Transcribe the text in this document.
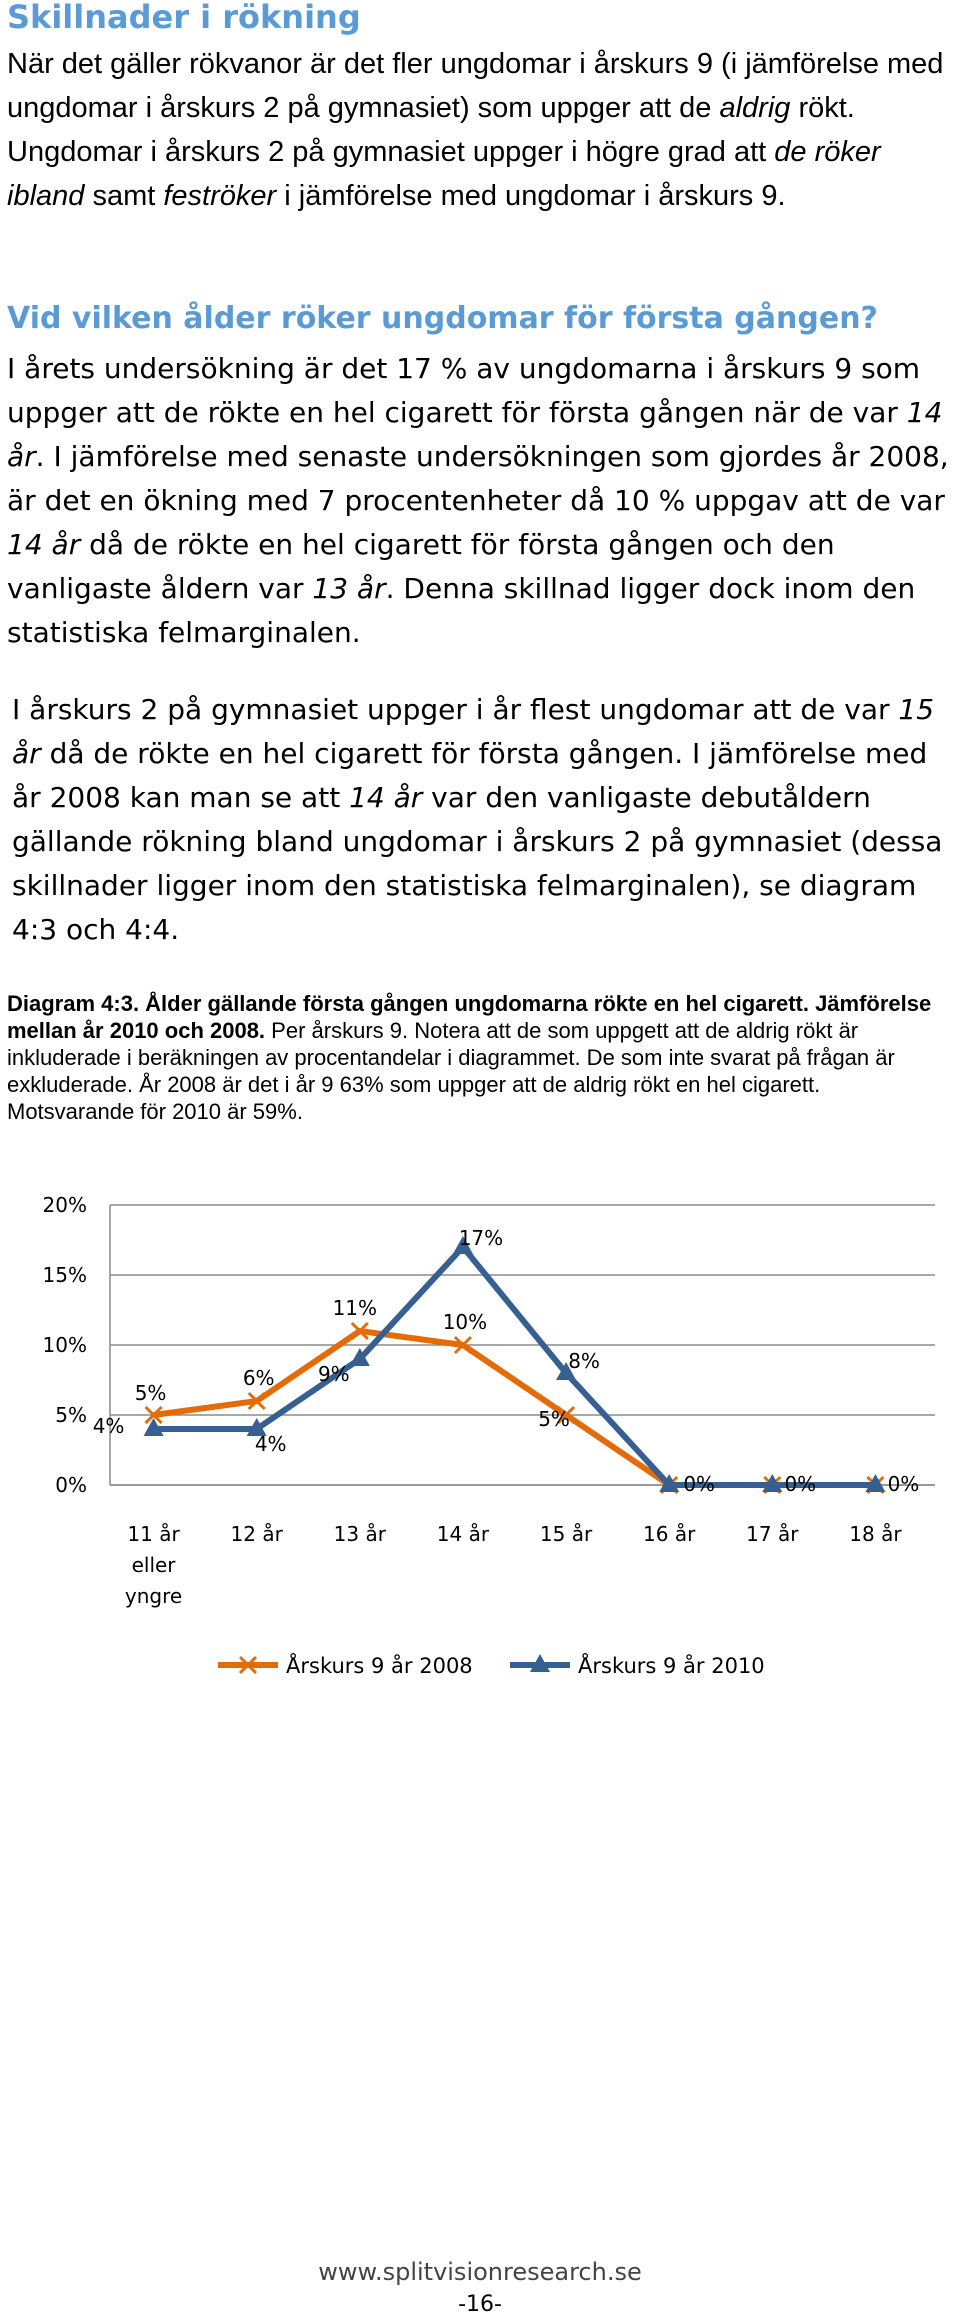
Skillnader i rökning

När det gäller rökvanor är det fler ungdomar i årskurs 9 (i jämförelse med ungdomar i årskurs 2 på gymnasiet) som uppger att de aldrig rökt. Ungdomar i årskurs 2 på gymnasiet uppger i högre grad att de röker ibland samt feströker i jämförelse med ungdomar i årskurs 9.

Vid vilken ålder röker ungdomar för första gången?

I årets undersökning är det 17 % av ungdomarna i årskurs 9 som uppger att de rökte en hel cigarett för första gången när de var 14 år. I jämförelse med senaste undersökningen som gjordes år 2008, är det en ökning med 7 procentenheter då 10 % uppgav att de var 14 år då de rökte en hel cigarett för första gången och den vanligaste åldern var 13 år. Denna skillnad ligger dock inom den statistiska felmarginalen.

I årskurs 2 på gymnasiet uppger i år flest ungdomar att de var 15 år då de rökte en hel cigarett för första gången. I jämförelse med år 2008 kan man se att 14 år var den vanligaste debutåldern gällande rökning bland ungdomar i årskurs 2 på gymnasiet (dessa skillnader ligger inom den statistiska felmarginalen), se diagram 4:3 och 4:4.

Diagram 4:3. Ålder gällande första gången ungdomarna rökte en hel cigarett. Jämförelse mellan år 2010 och 2008. Per årskurs 9. Notera att de som uppgett att de aldrig rökt är inkluderade i beräkningen av procentandelar i diagrammet. De som inte svarat på frågan är exkluderade. År 2008 är det i år 9 63% som uppger att de aldrig rökt en hel cigarett. Motsvarande för 2010 är 59%.

0%
5%
10%
15%
20%
11 år
eller
yngre
12 år	13 år	14 år	15 år	16 år	17 år	18 år
5%
6%
11%
10%
5%
0%	0%	0%
4%
4%
9%
17%
8%
Årskurs 9 år 2008	Årskurs 9 år 2010
www.splitvisionresearch.se
-16-
